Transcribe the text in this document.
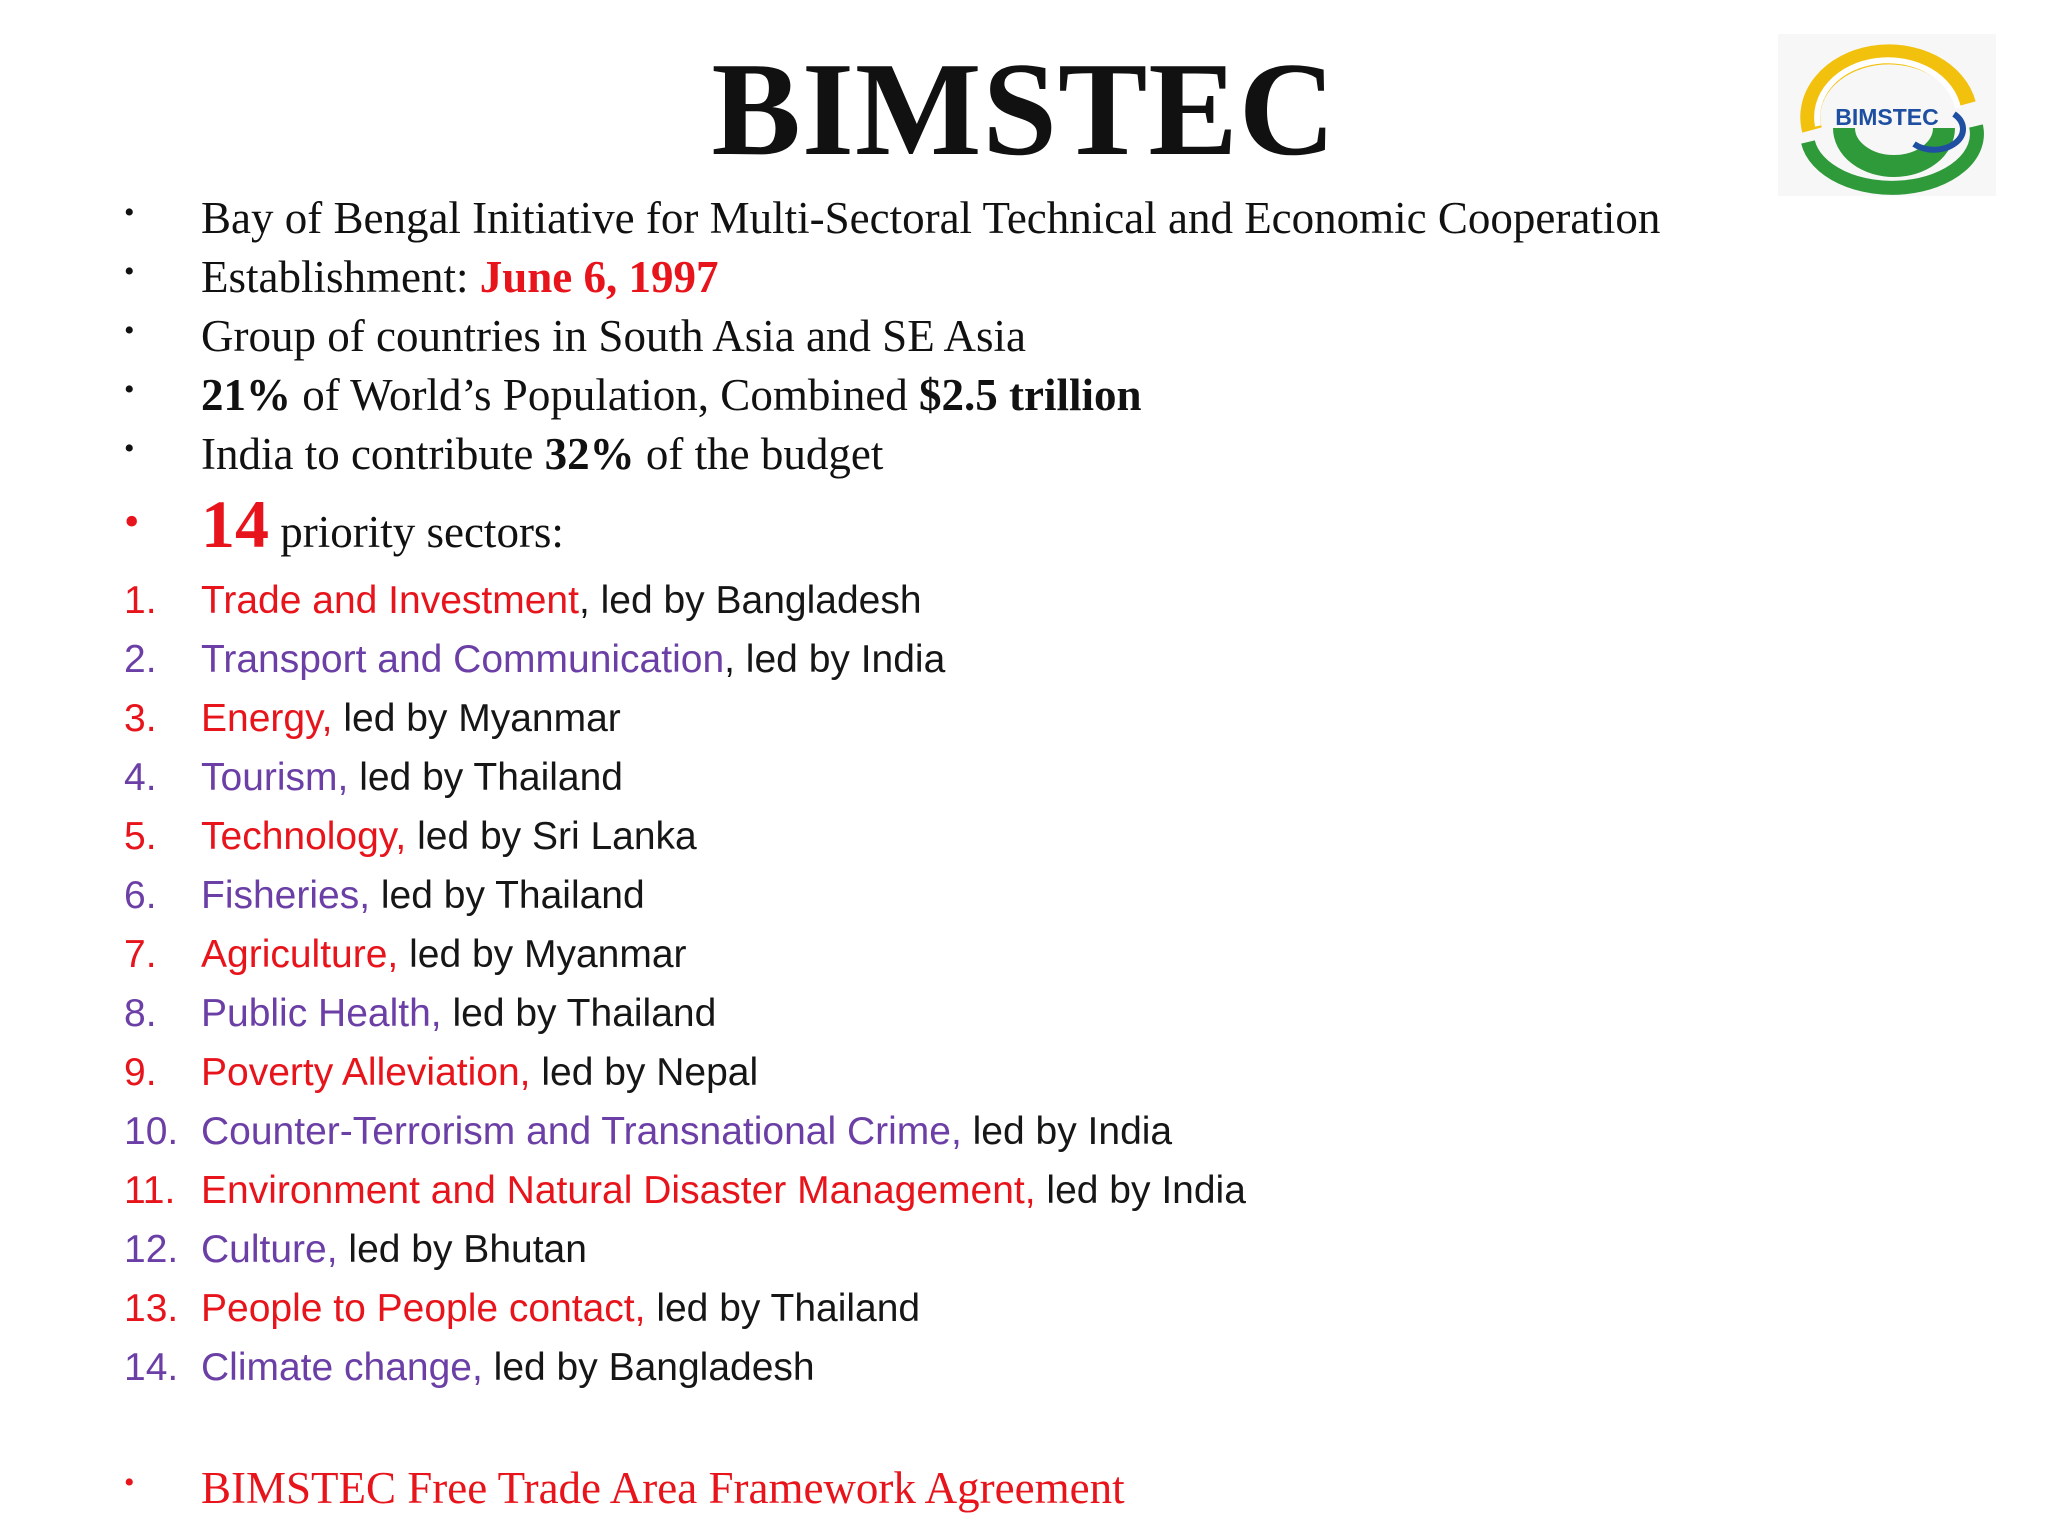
BIMSTEC	BIMSTEC
• Bay of Bengal Initiative for Multi-Sectoral Technical and Economic Cooperation
• Establishment: June 6, 1997
• Group of countries in South Asia and SE Asia
• 21% of World’s Population, Combined $2.5 trillion
• India to contribute 32% of the budget
• 14 priority sectors:
1. Trade and Investment, led by Bangladesh
2. Transport and Communication, led by India
3. Energy, led by Myanmar
4. Tourism, led by Thailand
5. Technology, led by Sri Lanka
6. Fisheries, led by Thailand
7. Agriculture, led by Myanmar
8. Public Health, led by Thailand
9. Poverty Alleviation, led by Nepal
10. Counter-Terrorism and Transnational Crime, led by India
11. Environment and Natural Disaster Management, led by India
12. Culture, led by Bhutan
13. People to People contact, led by Thailand
14. Climate change, led by Bangladesh
• BIMSTEC Free Trade Area Framework Agreement
